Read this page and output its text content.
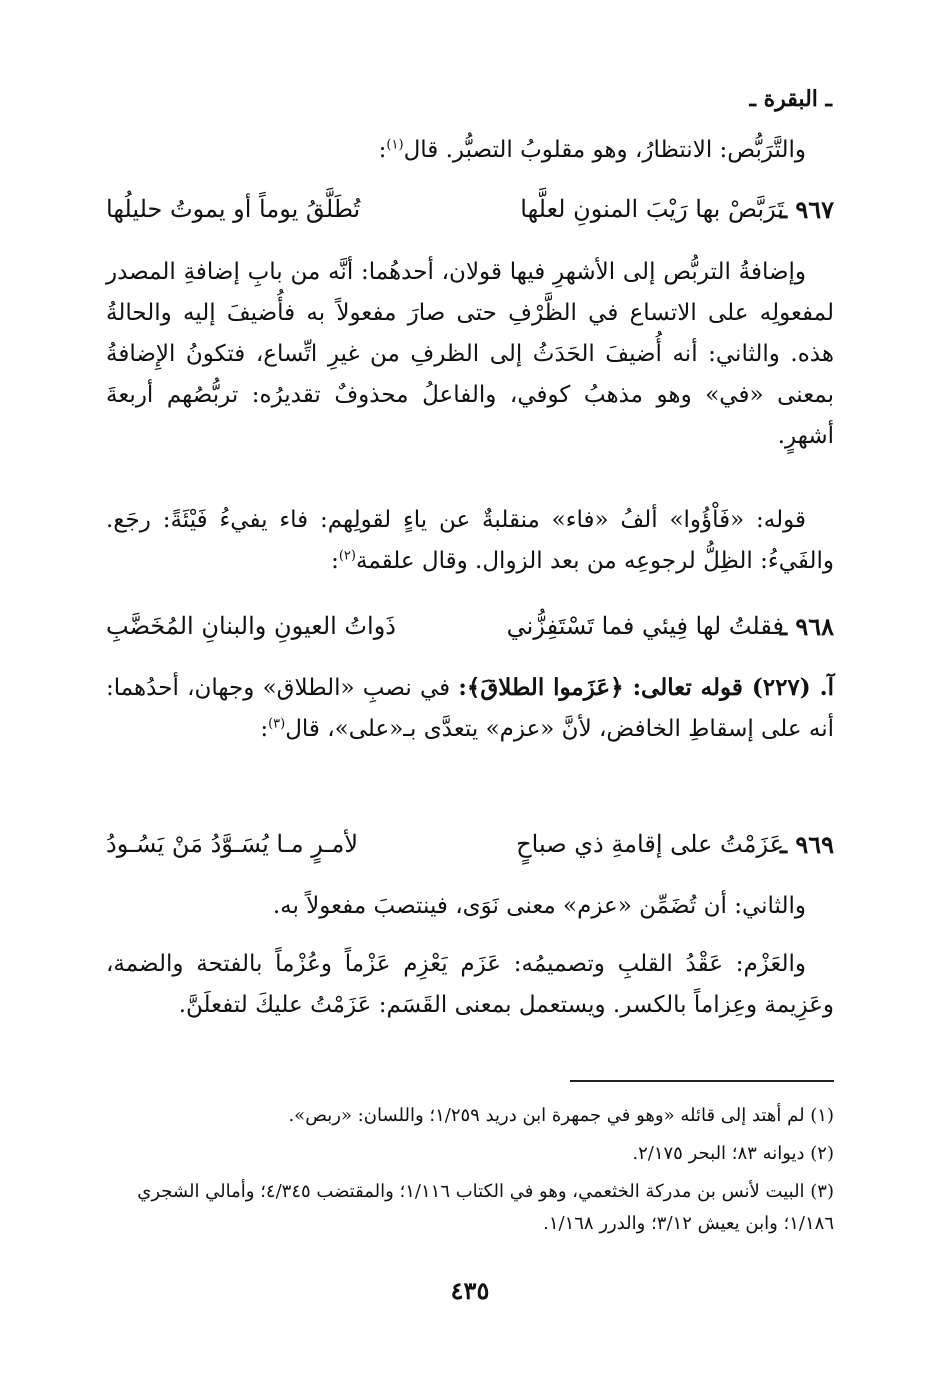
ـ البقرة ـ
والتَّرَبُّص: الانتظارُ، وهو مقلوبُ التصبُّر. قال$^{(١)}$:
٩٦٧ ـ
تَرَبَّصْ بها رَيْبَ المنونِ لعلَّها
تُطَلَّقُ يوماً أو يموتُ حليلُها
وإضافةُ التربُّص إلى الأشهرِ فيها قولان، أحدهُما: أنَّه من بابِ إضافةِ المصدر لمفعولِه على الاتساع في الظَّرْفِ حتى صارَ مفعولاً به فأُضيفَ إليه والحالةُ هذه. والثاني: أنه أُضيفَ الحَدَثُ إلى الظرفِ من غيرِ اتِّساع، فتكونُ الإِضافةُ بمعنى «في» وهو مذهبُ كوفي، والفاعلُ محذوفٌ تقديرُه: تربُّصُهم أربعةَ أشهرٍ.
قوله: «فَاْؤُوا» ألفُ «فاء» منقلبةٌ عن ياءٍ لقولِهم: فاء يفيءُ فَيْئَةً: رجَع. والفَيءُ: الظِلُّ لرجوعِه من بعد الزوال. وقال علقمة$^{(٢)}$:
٩٦٨ ـ
فقلتُ لها فِيئي فما تَسْتَفِزُّني
ذَواتُ العيونِ والبنانِ المُخَضَّبِ
آ. (٢٢٧) قوله تعالى: ﴿عَزَموا الطلاقَ﴾: في نصبِ «الطلاق» وجهان، أحدُهما: أنه على إسقاطِ الخافض، لأنَّ «عزم» يتعدَّى بـ«على»، قال$^{(٣)}$:
٩٦٩ ـ
عَزَمْتُ على إقامةِ ذي صباحٍ
لأمـرٍ مـا يُسَـوَّدُ مَنْ يَسُـودُ
والثاني: أن تُضَمِّن «عزم» معنى نَوَى، فينتصبَ مفعولاً به.
والعَزْم: عَقْدُ القلبِ وتصميمُه: عَزَم يَعْزِم عَزْماً وعُزْماً بالفتحة والضمة، وعَزِيمة وعِزاماً بالكسر. ويستعمل بمعنى القَسَم: عَزَمْتُ عليكَ لتفعلَنَّ.
(١) لم أهتد إلى قائله «وهو في جمهرة ابن دريد ١/٢٥٩؛ واللسان: «ربص».
(٢) ديوانه ٨٣؛ البحر ٢/١٧٥.
(٣) البيت لأنس بن مدركة الخثعمي، وهو في الكتاب ١/١١٦؛ والمقتضب ٤/٣٤٥؛ وأمالي الشجري ١/١٨٦؛ وابن يعيش ٣/١٢؛ والدرر ١/١٦٨.
٤٣٥
